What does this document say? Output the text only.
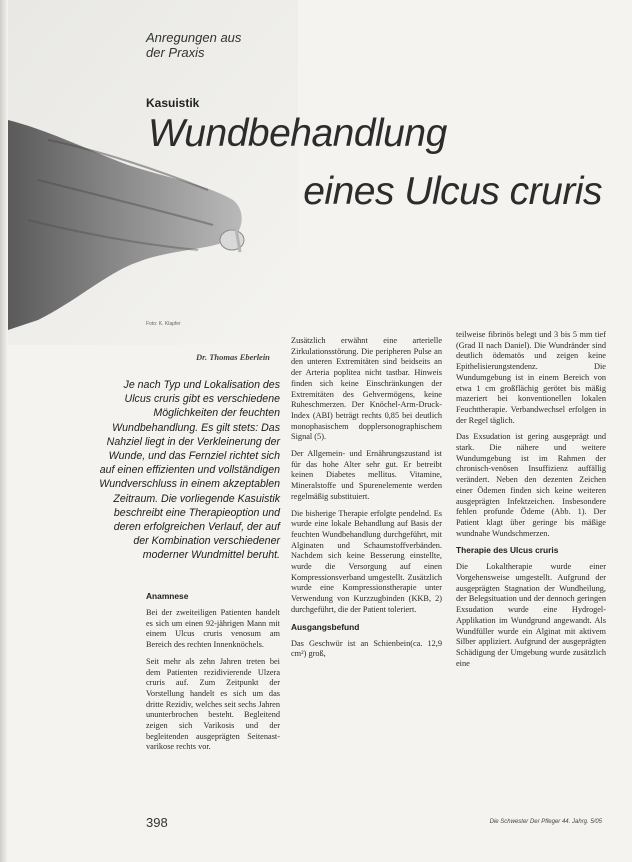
Anregungen aus
der Praxis

Kasuistik
Wundbehandlung
eines Ulcus cruris
Foto: K. Klapfer
Dr. Thomas Eberlein

Je nach Typ und Lokalisation des Ulcus cruris gibt es verschiedene Möglichkeiten der feuchten Wundbehandlung. Es gilt stets: Das Nahziel liegt in der Verkleinerung der Wunde, und das Fernziel richtet sich auf einen effizienten und vollständigen Wundverschluss in einem akzeptablen Zeitraum. Die vorliegende Kasuistik beschreibt eine Therapieoption und deren erfolgreichen Verlauf, der auf der Kombination verschiedener moderner Wundmittel beruht.

Anamnese

Bei der zweiteiligen Patienten handelt es sich um einen 92-jährigen Mann mit einem Ulcus cruris venosum am Bereich des rechten Innenknöchels.

Seit mehr als zehn Jahren treten bei dem Patienten rezidivierende Ulzera cruris auf. Zum Zeitpunkt der Vorstellung handelt es sich um das dritte Rezidiv, welches seit sechs Jahren ununterbrochen besteht. Begleitend zeigen sich Varikosis und der begleitenden ausgeprägten Seitenast-varikose rechts vor.

Zusätzlich erwähnt eine arterielle Zirkulationsstörung. Die peripheren Pulse an den unteren Extremitäten sind beidseits an der Arteria poplitea nicht tastbar. Hinweis finden sich keine Einschränkungen der Extremitäten des Gehvermögens, keine Ruheschmerzen. Der Knöchel-Arm-Druck-Index (ABI) beträgt rechts 0,85 bei deutlich monophasischem dopplersonographischem Signal (5).

Der Allgemein- und Ernährungszustand ist für das hohe Alter sehr gut. Er betreibt keinen Diabetes mellitus. Vitamine, Mineralstoffe und Spurenelemente werden regelmäßig substituiert.

Die bisherige Therapie erfolgte pendelnd. Es wurde eine lokale Behandlung auf Basis der feuchten Wundbehandlung durchgeführt, mit Alginaten und Schaumstoffverbänden. Nachdem sich keine Besserung einstellte, wurde die Versorgung auf einen Kompressionsverband umgestellt. Zusätzlich wurde eine Kompressionstherapie unter Verwendung von Kurzzugbinden (KKB, 2) durchgeführt, die der Patient toleriert.

Ausgangsbefund

Das Geschwür ist an Schienbein(ca. 12,9 cm²) groß,

teilweise fibrinös belegt und 3 bis 5 mm tief (Grad II nach Daniel). Die Wundränder sind deutlich ödematös und zeigen keine Epithelisierungstendenz. Die Wundumgebung ist in einem Bereich von etwa 1 cm großflächig gerötet bis mäßig mazeriert bei konventionellen lokalen Feuchttherapie. Verbandwechsel erfolgen in der Regel täglich.

Das Exsudation ist gering ausgeprägt und stark. Die nähere und weitere Wundumgebung ist im Rahmen der chronisch-venösen Insuffizienz auffällig verändert. Neben den dezenten Zeichen einer Ödemen finden sich keine weiteren ausgeprägten Infektzeichen. Insbesondere fehlen profunde Ödeme (Abb. 1). Der Patient klagt über geringe bis mäßige wundnahe Wundschmerzen.

Therapie des Ulcus cruris

Die Lokaltherapie wurde einer Vorgehensweise umgestellt. Aufgrund der ausgeprägten Stagnation der Wundheilung, der Belegsituation und der dennoch geringen Exsudation wurde eine Hydrogel-Applikation im Wundgrund angewandt. Als Wundfüller wurde ein Alginat mit aktivem Silber appliziert. Aufgrund der ausgeprägten Schädigung der Umgebung wurde zusätzlich eine

398	Die Schwester Der Pfleger 44. Jahrg. 5/05
